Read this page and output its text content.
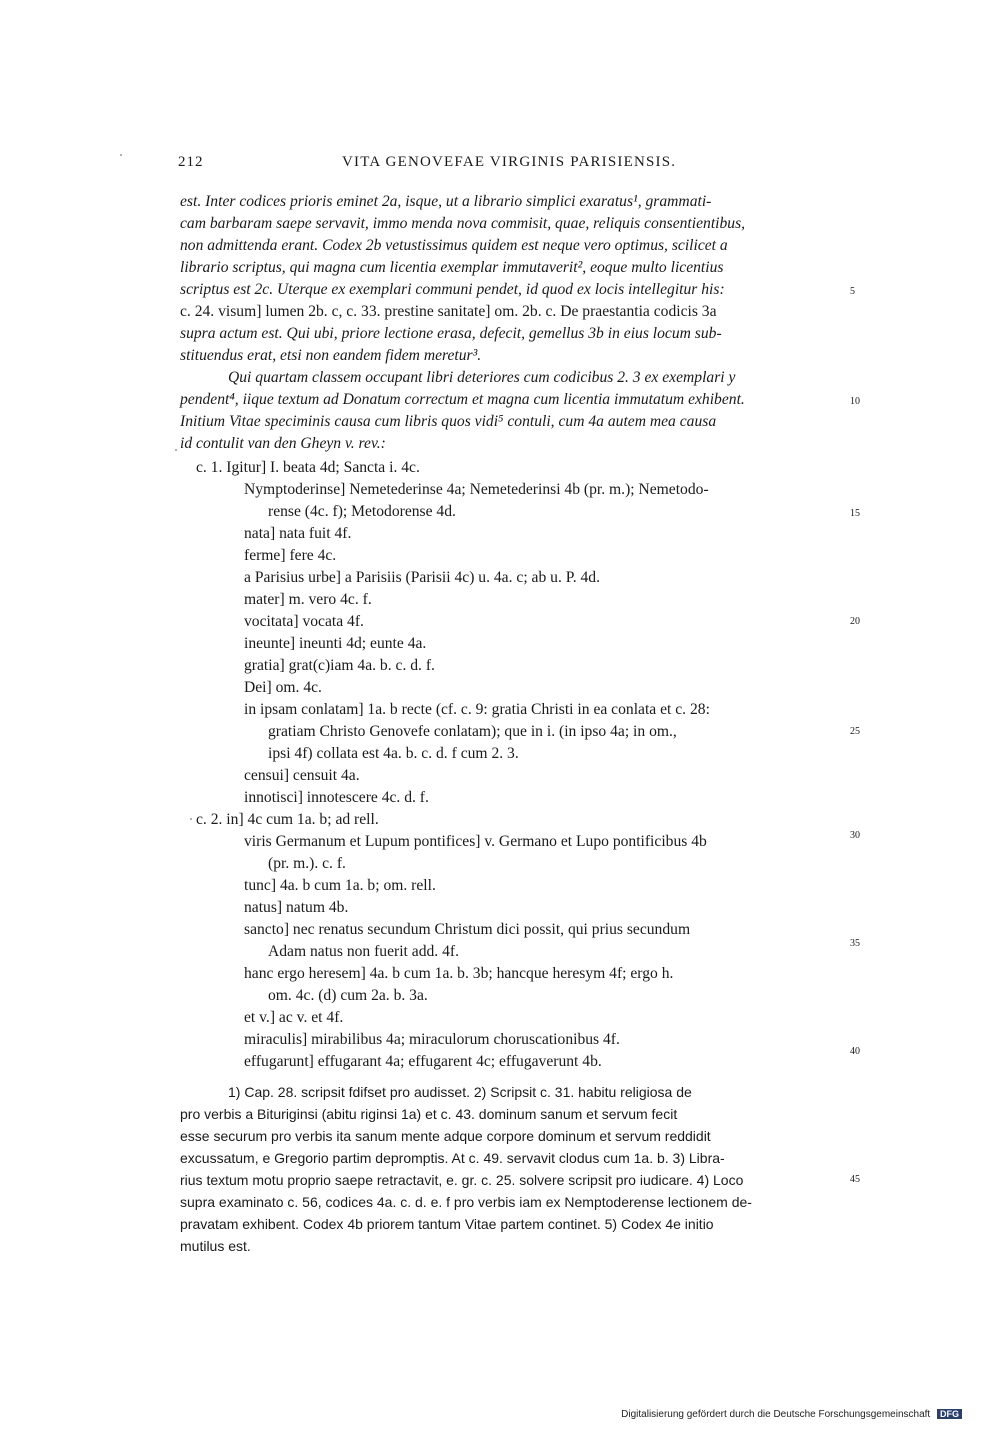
212	VITA GENOVEFAE VIRGINIS PARISIENSIS.
est. Inter codices prioris eminet 2a, isque, ut a librario simplici exaratus¹, grammati-
cam barbaram saepe servavit, immo menda nova commisit, quae, reliquis consentientibus,
non admittenda erant. Codex 2b vetustissimus quidem est neque vero optimus, scilicet a
librario scriptus, qui magna cum licentia exemplar immutaverit², eoque multo licentius
scriptus est 2c. Uterque ex exemplari communi pendet, id quod ex locis intellegitur his:
c. 24. visum] lumen 2b. c, c. 33. prestine sanitate] om. 2b. c. De praestantia codicis 3a
supra actum est. Qui ubi, priore lectione erasa, defecit, gemellus 3b in eius locum sub-
stituendus erat, etsi non eandem fidem meretur³.
Qui quartam classem occupant libri deteriores cum codicibus 2. 3 ex exemplari y
pendent⁴, iique textum ad Donatum correctum et magna cum licentia immutatum exhibent.
Initium Vitae speciminis causa cum libris quos vidi⁵ contuli, cum 4a autem mea causa
id contulit van den Gheyn v. rev.:
c. 1. Igitur] I. beata 4d; Sancta i. 4c.
Nymptoderinse] Nemetederinse 4a; Nemetederinsi 4b (pr. m.); Nemetodo-
rense (4c. f); Metodorense 4d.
nata] nata fuit 4f.
ferme] fere 4c.
a Parisius urbe] a Parisiis (Parisii 4c) u. 4a. c; ab u. P. 4d.
mater] m. vero 4c. f.
vocitata] vocata 4f.
ineunte] ineunti 4d; eunte 4a.
gratia] grat(c)iam 4a. b. c. d. f.
Dei] om. 4c.
in ipsam conlatam] 1a. b recte (cf. c. 9: gratia Christi in ea conlata et c. 28:
gratiam Christo Genovefe conlatam); que in i. (in ipso 4a; in om.,
ipsi 4f) collata est 4a. b. c. d. f cum 2. 3.
censui] censuit 4a.
innotisci] innotescere 4c. d. f.
c. 2. in] 4c cum 1a. b; ad rell.
viris Germanum et Lupum pontifices] v. Germano et Lupo pontificibus 4b
(pr. m.). c. f.
tunc] 4a. b cum 1a. b; om. rell.
natus] natum 4b.
sancto] nec renatus secundum Christum dici possit, qui prius secundum
Adam natus non fuerit add. 4f.
hanc ergo heresem] 4a. b cum 1a. b. 3b; hancque heresym 4f; ergo h.
om. 4c. (d) cum 2a. b. 3a.
et v.] ac v. et 4f.
miraculis] mirabilibus 4a; miraculorum choruscationibus 4f.
effugarunt] effugarant 4a; effugarent 4c; effugaverunt 4b.
5
10
15
20
25
30
35
40
45
1) Cap. 28. scripsit fdifset pro audisset. 2) Scripsit c. 31. habitu religiosa de
pro verbis a Bituriginsi (abitu riginsi 1a) et c. 43. dominum sanum et servum fecit
esse securum pro verbis ita sanum mente adque corpore dominum et servum reddidit
excussatum, e Gregorio partim depromptis. At c. 49. servavit clodus cum 1a. b. 3) Libra-
rius textum motu proprio saepe retractavit, e. gr. c. 25. solvere scripsit pro iudicare. 4) Loco
supra examinato c. 56, codices 4a. c. d. e. f pro verbis iam ex Nemptoderense lectionem de-
pravatam exhibent. Codex 4b priorem tantum Vitae partem continet. 5) Codex 4e initio
mutilus est.
Digitalisierung gefördert durch die Deutsche Forschungsgemeinschaft DFG
